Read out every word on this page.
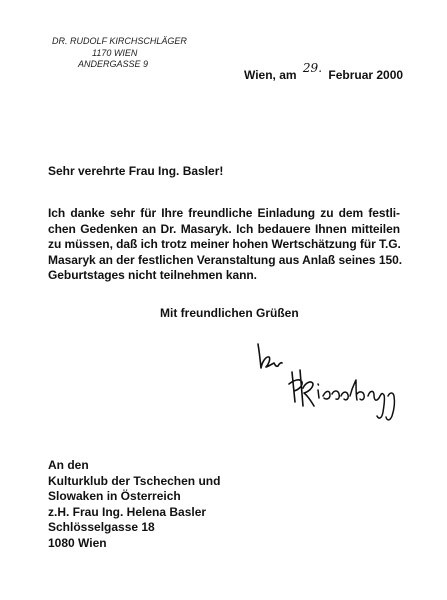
DR. RUDOLF KIRCHSCHLÄGER
1170 WIEN
ANDERGASSE 9
Wien, am 29. Februar 2000
Sehr verehrte Frau Ing. Basler!
Ich danke sehr für Ihre freundliche Einladung zu dem festli-
chen Gedenken an Dr. Masaryk. Ich bedauere Ihnen mitteilen
zu müssen, daß ich trotz meiner hohen Wertschätzung für T.G.
Masaryk an der festlichen Veranstaltung aus Anlaß seines 150.
Geburtstages nicht teilnehmen kann.
Mit freundlichen Grüßen
An den
Kulturklub der Tschechen und
Slowaken in Österreich
z.H. Frau Ing. Helena Basler
Schlösselgasse 18
1080 Wien
